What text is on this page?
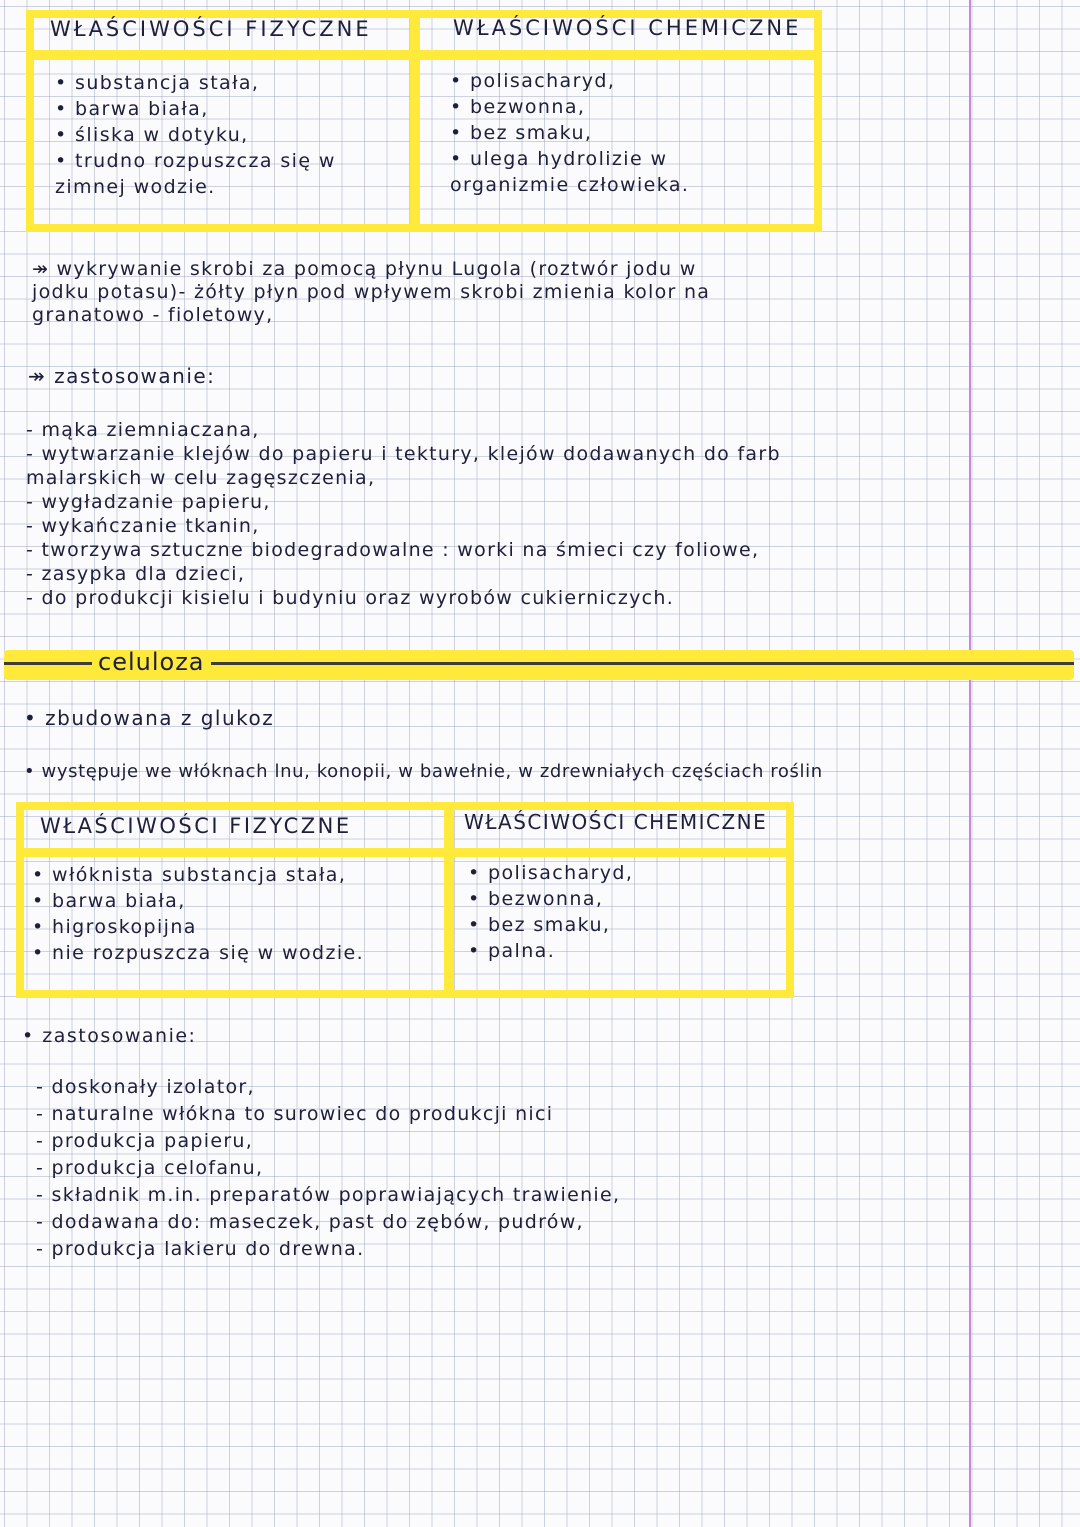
WŁAŚCIWOŚCI FIZYCZNE	WŁAŚCIWOŚCI CHEMICZNE
• substancja stała,
• barwa biała,
• śliska w dotyku,
• trudno rozpuszcza się w
zimnej wodzie.
• polisacharyd,
• bezwonna,
• bez smaku,
• ulega hydrolizie w
organizmie człowieka.
↠ wykrywanie skrobi za pomocą płynu Lugola (roztwór jodu w
jodku potasu)- żółty płyn pod wpływem skrobi zmienia kolor na
granatowo - fioletowy,
↠ zastosowanie:
- mąka ziemniaczana,
- wytwarzanie klejów do papieru i tektury, klejów dodawanych do farb
malarskich w celu zagęszczenia,
- wygładzanie papieru,
- wykańczanie tkanin,
- tworzywa sztuczne biodegradowalne : worki na śmieci czy foliowe,
- zasypka dla dzieci,
- do produkcji kisielu i budyniu oraz wyrobów cukierniczych.
celuloza
• zbudowana z glukoz
• występuje we włóknach lnu, konopii, w bawełnie, w zdrewniałych częściach roślin
WŁAŚCIWOŚCI FIZYCZNE	WŁAŚCIWOŚCI CHEMICZNE
• włóknista substancja stała,
• barwa biała,
• higroskopijna
• nie rozpuszcza się w wodzie.
• polisacharyd,
• bezwonna,
• bez smaku,
• palna.
• zastosowanie:
- doskonały izolator,
- naturalne włókna to surowiec do produkcji nici
- produkcja papieru,
- produkcja celofanu,
- składnik m.in. preparatów poprawiających trawienie,
- dodawana do: maseczek, past do zębów, pudrów,
- produkcja lakieru do drewna.
